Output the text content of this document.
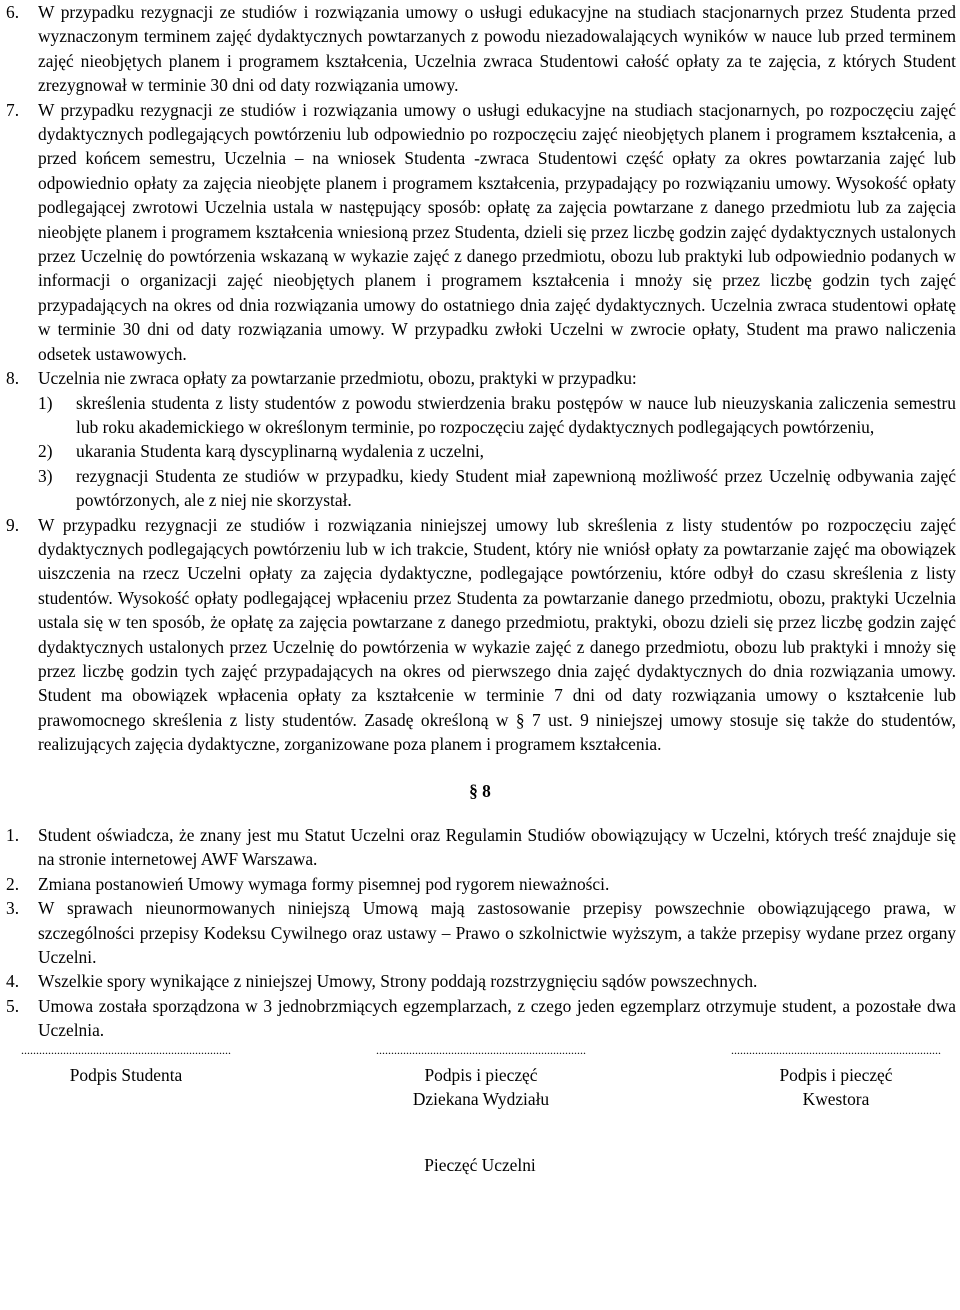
6. W przypadku rezygnacji ze studiów i rozwiązania umowy o usługi edukacyjne na studiach stacjonarnych przez Studenta przed wyznaczonym terminem zajęć dydaktycznych powtarzanych z powodu niezadowalających wyników w nauce lub przed terminem zajęć nieobjętych planem i programem kształcenia, Uczelnia zwraca Studentowi całość opłaty za te zajęcia, z których Student zrezygnował w terminie 30 dni od daty rozwiązania umowy.
7. W przypadku rezygnacji ze studiów i rozwiązania umowy o usługi edukacyjne na studiach stacjonarnych, po rozpoczęciu zajęć dydaktycznych podlegających powtórzeniu lub odpowiednio po rozpoczęciu zajęć nieobjętych planem i programem kształcenia, a przed końcem semestru, Uczelnia – na wniosek Studenta -zwraca Studentowi część opłaty za okres powtarzania zajęć lub odpowiednio opłaty za zajęcia nieobjęte planem i programem kształcenia, przypadający po rozwiązaniu umowy. Wysokość opłaty podlegającej zwrotowi Uczelnia ustala w następujący sposób: opłatę za zajęcia powtarzane z danego przedmiotu lub za zajęcia nieobjęte planem i programem kształcenia wniesioną przez Studenta, dzieli się przez liczbę godzin zajęć dydaktycznych ustalonych przez Uczelnię do powtórzenia wskazaną w wykazie zajęć z danego przedmiotu, obozu lub praktyki lub odpowiednio podanych w informacji o organizacji zajęć nieobjętych planem i programem kształcenia i mnoży się przez liczbę godzin tych zajęć przypadających na okres od dnia rozwiązania umowy do ostatniego dnia zajęć dydaktycznych. Uczelnia zwraca studentowi opłatę w terminie 30 dni od daty rozwiązania umowy. W przypadku zwłoki Uczelni w zwrocie opłaty, Student ma prawo naliczenia odsetek ustawowych.
8. Uczelnia nie zwraca opłaty za powtarzanie przedmiotu, obozu, praktyki w przypadku:
1) skreślenia studenta z listy studentów z powodu stwierdzenia braku postępów w nauce lub nieuzyskania zaliczenia semestru lub roku akademickiego w określonym terminie, po rozpoczęciu zajęć dydaktycznych podlegających powtórzeniu,
2) ukarania Studenta karą dyscyplinarną wydalenia z uczelni,
3) rezygnacji Studenta ze studiów w przypadku, kiedy Student miał zapewnioną możliwość przez Uczelnię odbywania zajęć powtórzonych, ale z niej nie skorzystał.
9. W przypadku rezygnacji ze studiów i rozwiązania niniejszej umowy lub skreślenia z listy studentów po rozpoczęciu zajęć dydaktycznych podlegających powtórzeniu lub w ich trakcie, Student, który nie wniósł opłaty za powtarzanie zajęć ma obowiązek uiszczenia na rzecz Uczelni opłaty za zajęcia dydaktyczne, podlegające powtórzeniu, które odbył do czasu skreślenia z listy studentów. Wysokość opłaty podlegającej wpłaceniu przez Studenta za powtarzanie danego przedmiotu, obozu, praktyki Uczelnia ustala się w ten sposób, że opłatę za zajęcia powtarzane z danego przedmiotu, praktyki, obozu dzieli się przez liczbę godzin zajęć dydaktycznych ustalonych przez Uczelnię do powtórzenia w wykazie zajęć z danego przedmiotu, obozu lub praktyki i mnoży się przez liczbę godzin tych zajęć przypadających na okres od pierwszego dnia zajęć dydaktycznych do dnia rozwiązania umowy. Student ma obowiązek wpłacenia opłaty za kształcenie w terminie 7 dni od daty rozwiązania umowy o kształcenie lub prawomocnego skreślenia z listy studentów. Zasadę określoną w § 7 ust. 9 niniejszej umowy stosuje się także do studentów, realizujących zajęcia dydaktyczne, zorganizowane poza planem i programem kształcenia.
§ 8
1. Student oświadcza, że znany jest mu Statut Uczelni oraz Regulamin Studiów obowiązujący w Uczelni, których treść znajduje się na stronie internetowej AWF Warszawa.
2. Zmiana postanowień Umowy wymaga formy pisemnej pod rygorem nieważności.
3. W sprawach nieunormowanych niniejszą Umową mają zastosowanie przepisy powszechnie obowiązującego prawa, w szczególności przepisy Kodeksu Cywilnego oraz ustawy – Prawo o szkolnictwie wyższym, a także przepisy wydane przez organy Uczelni.
4. Wszelkie spory wynikające z niniejszej Umowy, Strony poddają rozstrzygnięciu sądów powszechnych.
5. Umowa została sporządzona w 3 jednobrzmiących egzemplarzach, z czego jeden egzemplarz otrzymuje student, a pozostałe dwa Uczelnia.
......................................................................
Podpis Studenta
......................................................................
Podpis i pieczęć
Dziekana Wydziału
......................................................................
Podpis i pieczęć
Kwestora
Pieczęć Uczelni
